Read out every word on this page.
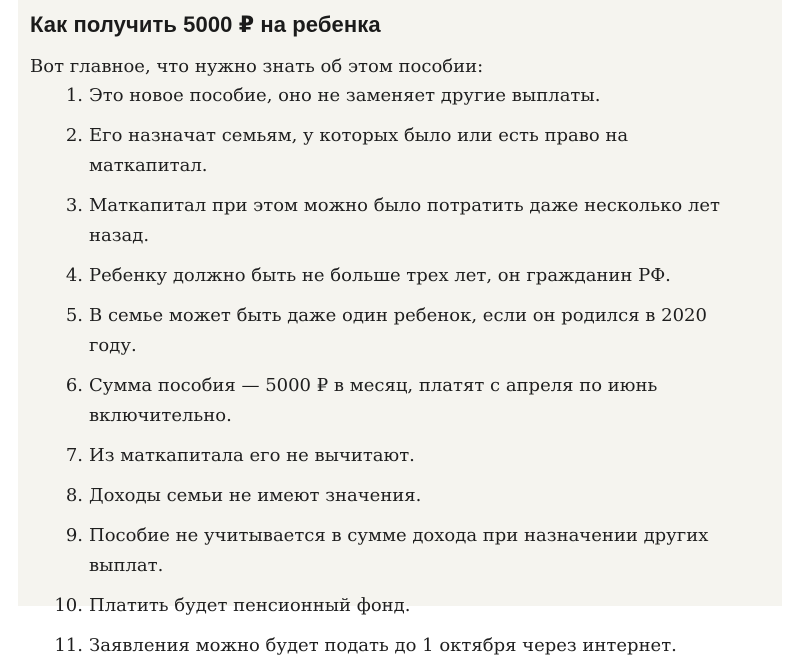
Как получить 5000 ₽ на ребенка

Вот главное, что нужно знать об этом пособии:

1. Это новое пособие, оно не заменяет другие выплаты.
2. Его назначат семьям, у которых было или есть право на маткапитал.
3. Маткапитал при этом можно было потратить даже несколько лет назад.
4. Ребенку должно быть не больше трех лет, он гражданин РФ.
5. В семье может быть даже один ребенок, если он родился в 2020 году.
6. Сумма пособия — 5000 ₽ в месяц, платят с апреля по июнь включительно.
7. Из маткапитала его не вычитают.
8. Доходы семьи не имеют значения.
9. Пособие не учитывается в сумме дохода при назначении других выплат.
10. Платить будет пенсионный фонд.
11. Заявления можно будет подать до 1 октября через интернет.
